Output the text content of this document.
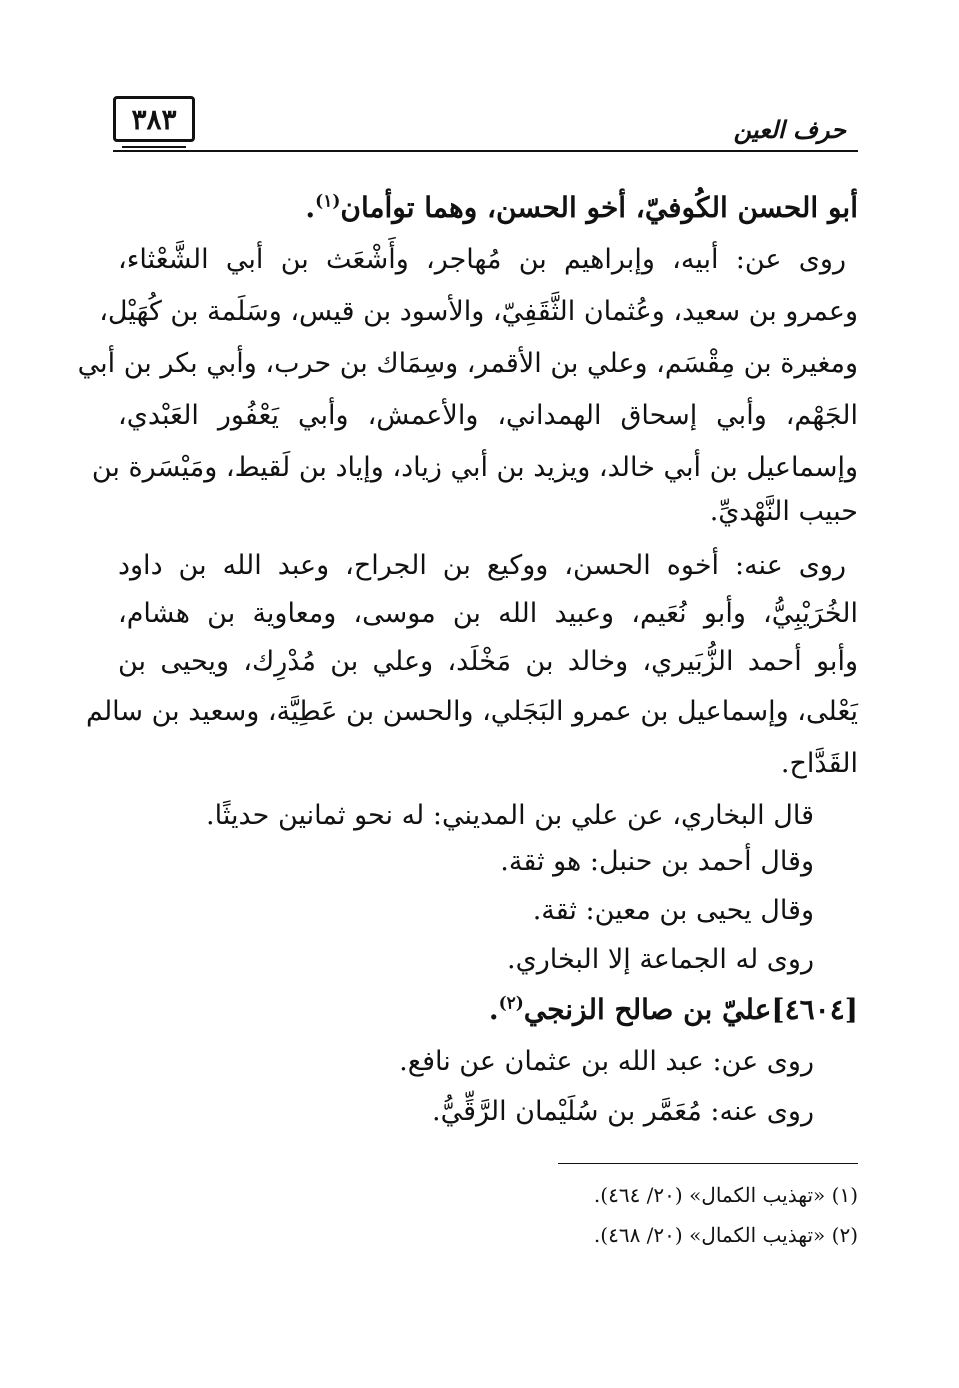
٣٨٣	حرف العين
أبو الحسن الكُوفيّ، أخو الحسن، وهما توأمان$^{(١)}$.
روى عن: أبيه، وإبراهيم بن مُهاجر، وأَشْعَث بن أبي الشَّعْثاء،
وعمرو بن سعيد، وعُثمان الثَّقَفِيّ، والأسود بن قيس، وسَلَمة بن كُهَيْل،
ومغيرة بن مِقْسَم، وعلي بن الأقمر، وسِمَاك بن حرب، وأبي بكر بن أبي
الجَهْم، وأبي إسحاق الهمداني، والأعمش، وأبي يَعْفُور العَبْدي،
وإسماعيل بن أبي خالد، ويزيد بن أبي زياد، وإياد بن لَقيط، ومَيْسَرة بن
حبيب النَّهْديِّ.
روى عنه: أخوه الحسن، ووكيع بن الجراح، وعبد الله بن داود
الخُرَيْبِيُّ، وأبو نُعَيم، وعبيد الله بن موسى، ومعاوية بن هشام،
وأبو أحمد الزُّبَيري، وخالد بن مَخْلَد، وعلي بن مُدْرِك، ويحيى بن
يَعْلى، وإسماعيل بن عمرو البَجَلي، والحسن بن عَطِيَّة، وسعيد بن سالم
القَدَّاح.
قال البخاري، عن علي بن المديني: له نحو ثمانين حديثًا.
وقال أحمد بن حنبل: هو ثقة.
وقال يحيى بن معين: ثقة.
روى له الجماعة إلا البخاري.
[٤٦٠٤]عليّ بن صالح الزنجي$^{(٢)}$.
روى عن: عبد الله بن عثمان عن نافع.
روى عنه: مُعَمَّر بن سُلَيْمان الرَّقِّيُّ.
(١) «تهذيب الكمال» (٢٠/ ٤٦٤).
(٢) «تهذيب الكمال» (٢٠/ ٤٦٨).
